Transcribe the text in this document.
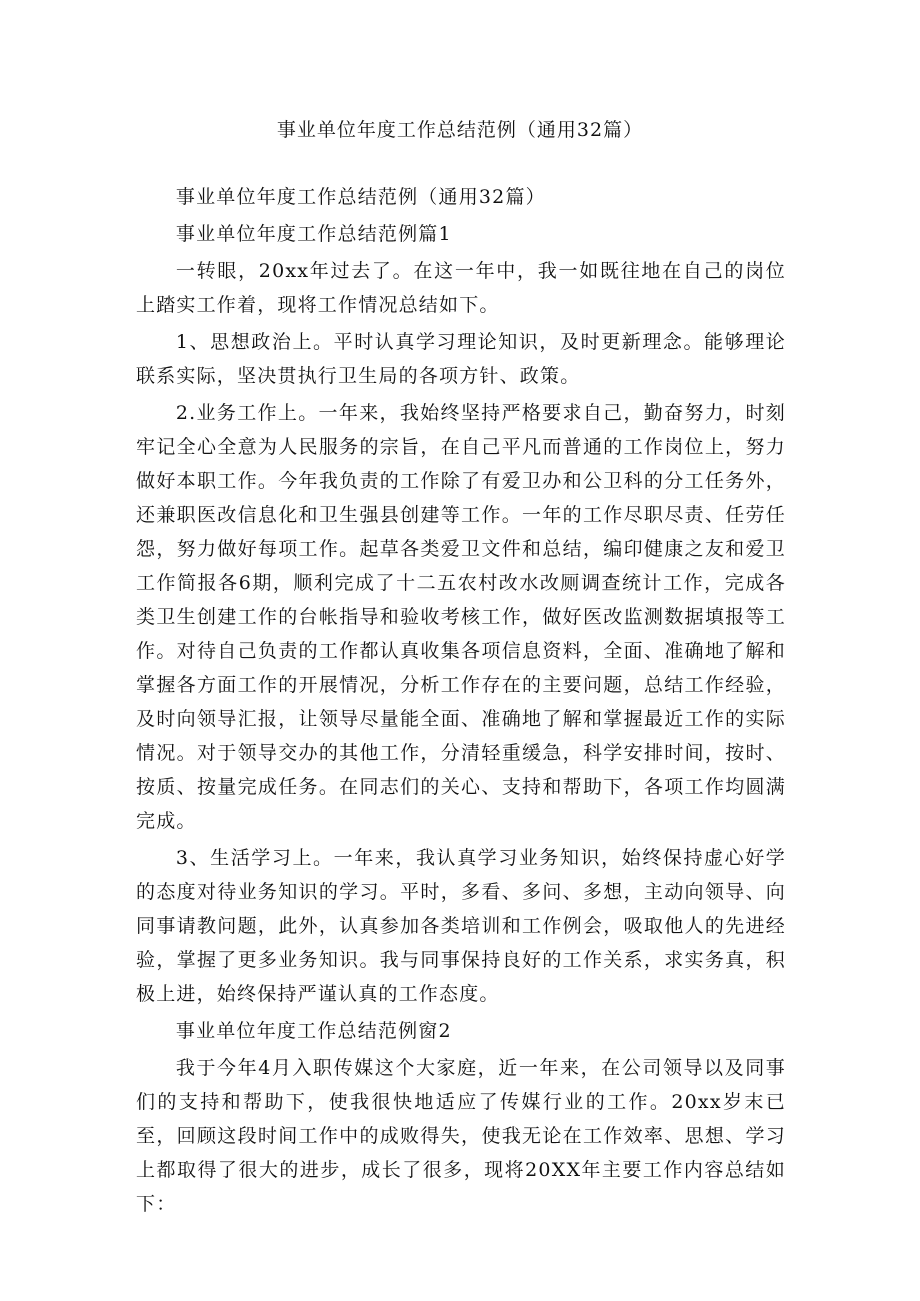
事业单位年度工作总结范例（通用32篇）

事业单位年度工作总结范例（通用32篇）

事业单位年度工作总结范例篇1

一转眼，20xx年过去了。在这一年中，我一如既往地在自己的岗位上踏实工作着，现将工作情况总结如下。

1、思想政治上。平时认真学习理论知识，及时更新理念。能够理论联系实际，坚决贯执行卫生局的各项方针、政策。

2.业务工作上。一年来，我始终坚持严格要求自己，勤奋努力，时刻牢记全心全意为人民服务的宗旨，在自己平凡而普通的工作岗位上，努力做好本职工作。今年我负责的工作除了有爱卫办和公卫科的分工任务外，还兼职医改信息化和卫生强县创建等工作。一年的工作尽职尽责、任劳任怨，努力做好每项工作。起草各类爱卫文件和总结，编印健康之友和爱卫工作简报各6期，顺利完成了十二五农村改水改厕调查统计工作，完成各类卫生创建工作的台帐指导和验收考核工作，做好医改监测数据填报等工作。对待自己负责的工作都认真收集各项信息资料，全面、准确地了解和掌握各方面工作的开展情况，分析工作存在的主要问题，总结工作经验，及时向领导汇报，让领导尽量能全面、准确地了解和掌握最近工作的实际情况。对于领导交办的其他工作，分清轻重缓急，科学安排时间，按时、按质、按量完成任务。在同志们的关心、支持和帮助下，各项工作均圆满完成。

3、生活学习上。一年来，我认真学习业务知识，始终保持虚心好学的态度对待业务知识的学习。平时，多看、多问、多想，主动向领导、向同事请教问题，此外，认真参加各类培训和工作例会，吸取他人的先进经验，掌握了更多业务知识。我与同事保持良好的工作关系，求实务真，积极上进，始终保持严谨认真的工作态度。

事业单位年度工作总结范例窗2

我于今年4月入职传媒这个大家庭，近一年来，在公司领导以及同事们的支持和帮助下，使我很快地适应了传媒行业的工作。20xx岁末已至，回顾这段时间工作中的成败得失，使我无论在工作效率、思想、学习上都取得了很大的进步，成长了很多，现将20XX年主要工作内容总结如下：
